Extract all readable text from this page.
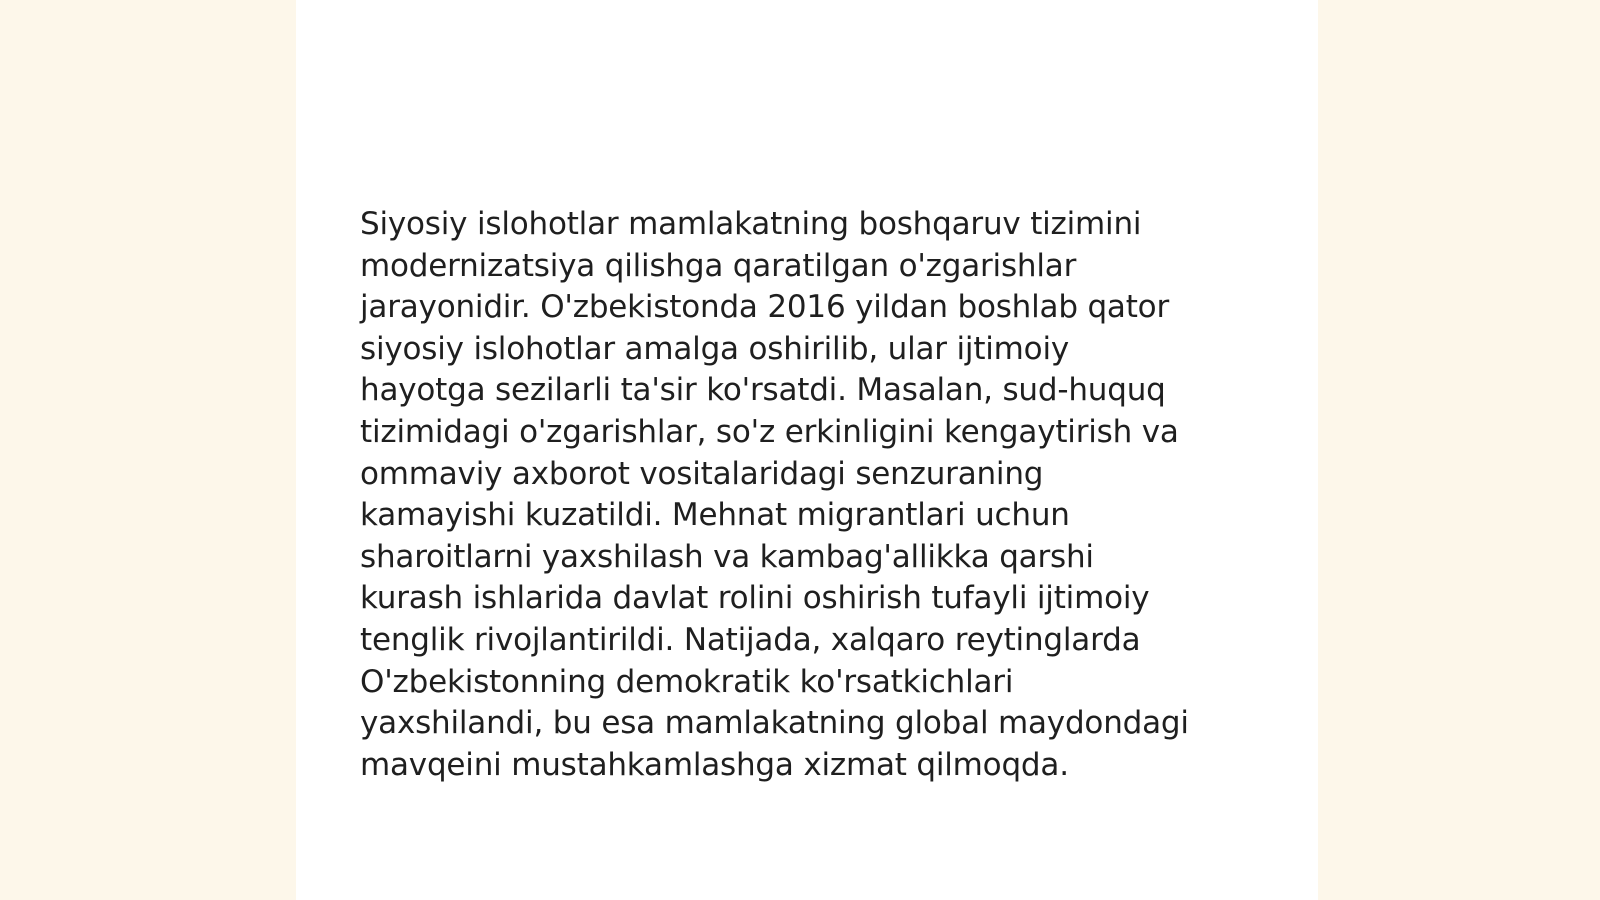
Siyosiy islohotlar mamlakatning boshqaruv tizimini
modernizatsiya qilishga qaratilgan o'zgarishlar
jarayonidir. O'zbekistonda 2016 yildan boshlab qator
siyosiy islohotlar amalga oshirilib, ular ijtimoiy
hayotga sezilarli ta'sir ko'rsatdi. Masalan, sud-huquq
tizimidagi o'zgarishlar, so'z erkinligini kengaytirish va
ommaviy axborot vositalaridagi senzuraning
kamayishi kuzatildi. Mehnat migrantlari uchun
sharoitlarni yaxshilash va kambag'allikka qarshi
kurash ishlarida davlat rolini oshirish tufayli ijtimoiy
tenglik rivojlantirildi. Natijada, xalqaro reytinglarda
O'zbekistonning demokratik ko'rsatkichlari
yaxshilandi, bu esa mamlakatning global maydondagi
mavqeini mustahkamlashga xizmat qilmoqda.
